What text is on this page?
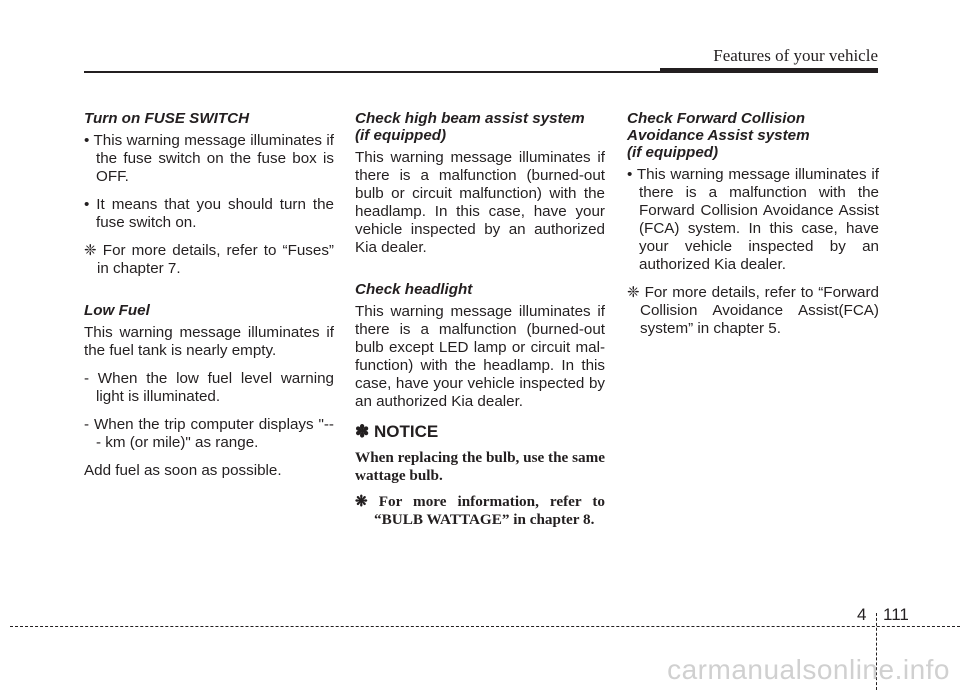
Features of your vehicle
Turn on FUSE SWITCH
• This warning message illuminates if the fuse switch on the fuse box is OFF.
• It means that you should turn the fuse switch on.
❈ For more details, refer to “Fuses” in chapter 7.
Low Fuel
This warning message illuminates if the fuel tank is nearly empty.
- When the low fuel level warning light is illuminated.
- When the trip computer displays "--- km (or mile)" as range.
Add fuel as soon as possible.
Check high beam assist system
(if equipped)
This warning message illuminates if there is a malfunction (burned-out bulb or circuit malfunction) with the headlamp. In this case, have your vehicle inspected by an authorized Kia dealer.
Check headlight
This warning message illuminates if there is a malfunction (burned-out bulb except LED lamp or circuit mal-function) with the headlamp. In this case, have your vehicle inspected by an authorized Kia dealer.
✽ NOTICE
When replacing the bulb, use the same wattage bulb.
❋ For more information, refer to “BULB WATTAGE” in chapter 8.
Check Forward Collision
Avoidance Assist system
(if equipped)
• This warning message illuminates if there is a malfunction with the Forward Collision Avoidance Assist (FCA) system. In this case, have your vehicle inspected by an authorized Kia dealer.
❈ For more details, refer to “Forward Collision Avoidance Assist(FCA) system” in chapter 5.
4 111
carmanualsonline.info
